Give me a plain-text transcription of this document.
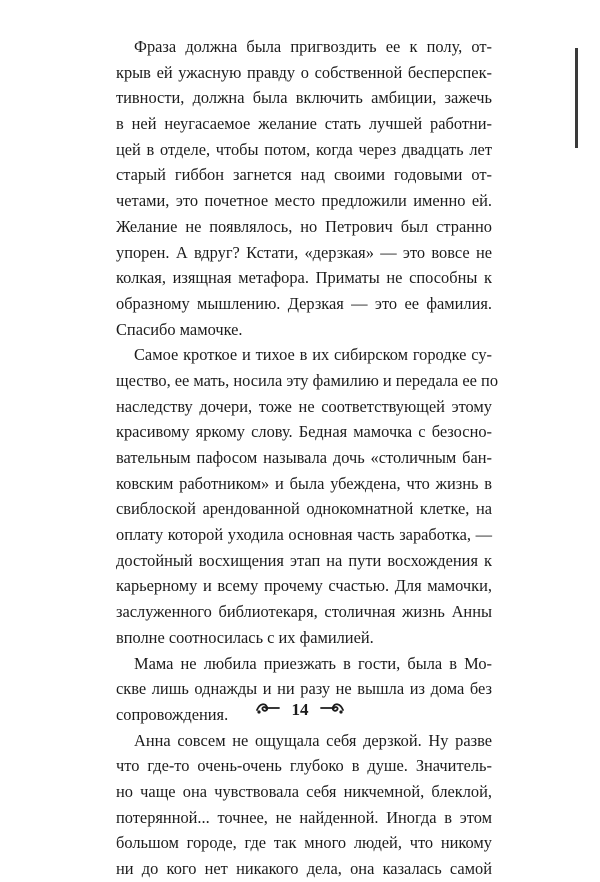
Фраза должна была пригвоздить ее к полу, от-
крыв ей ужасную правду о собственной бесперспек-
тивности, должна была включить амбиции, зажечь
в ней неугасаемое желание стать лучшей работни-
цей в отделе, чтобы потом, когда через двадцать лет
старый гиббон загнется над своими годовыми от-
четами, это почетное место предложили именно ей.
Желание не появлялось, но Петрович был странно
упорен. А вдруг? Кстати, «дерзкая» — это вовсе не
колкая, изящная метафора. Приматы не способны к
образному мышлению. Дерзкая — это ее фамилия.
Спасибо мамочке.
Самое кроткое и тихое в их сибирском городке су-
щество, ее мать, носила эту фамилию и передала ее по
наследству дочери, тоже не соответствующей этому
красивому яркому слову. Бедная мамочка с безосно-
вательным пафосом называла дочь «столичным бан-
ковским работником» и была убеждена, что жизнь в
свиблоской арендованной однокомнатной клетке, на
оплату которой уходила основная часть заработка, —
достойный восхищения этап на пути восхождения к
карьерному и всему прочему счастью. Для мамочки,
заслуженного библиотекаря, столичная жизнь Анны
вполне соотносилась с их фамилией.
Мама не любила приезжать в гости, была в Мо-
скве лишь однажды и ни разу не вышла из дома без
сопровождения.
Анна совсем не ощущала себя дерзкой. Ну разве
что где-то очень-очень глубоко в душе. Значитель-
но чаще она чувствовала себя никчемной, блеклой,
потерянной... точнее, не найденной. Иногда в этом
большом городе, где так много людей, что никому
ни до кого нет никакого дела, она казалась самой
14
